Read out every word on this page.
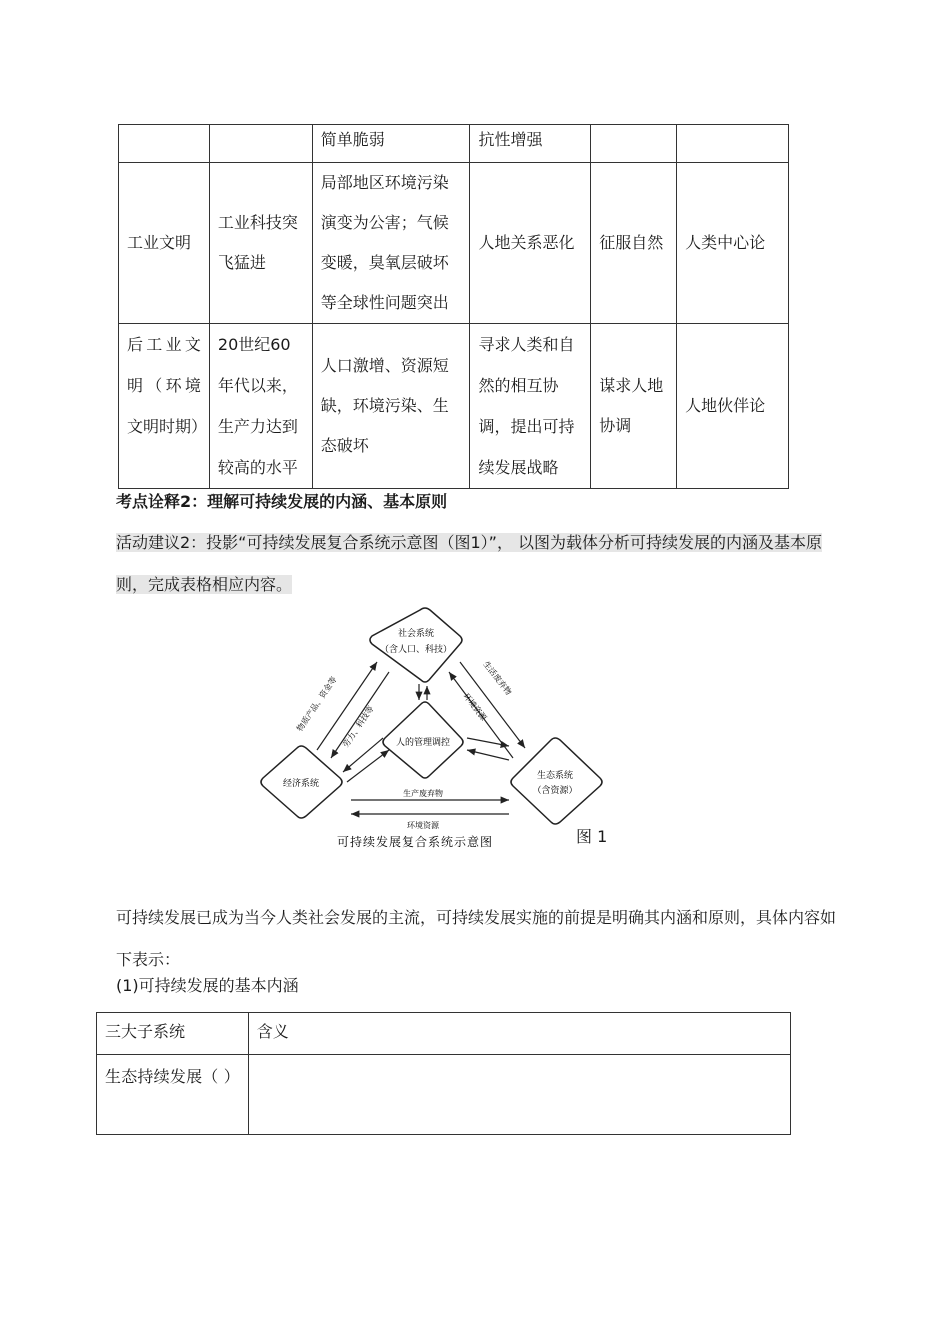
		简单脆弱	抗性增强		
工业文明	工业科技突飞猛进	局部地区环境污染演变为公害；气候变暖，臭氧层破坏等全球性问题突出	人地关系恶化	征服自然	人类中心论
后工业文明（环境文明时期）	20世纪60年代以来，生产力达到较高的水平	人口激增、资源短缺，环境污染、生态破坏	寻求人类和自然的相互协调，提出可持续发展战略	谋求人地协调	人地伙伴论
考点诠释2：理解可持续发展的内涵、基本原则
活动建议2：投影“可持续发展复合系统示意图（图1）”， 以图为载体分析可持续发展的内涵及基本原则，完成表格相应内容。
社会系统
（含人口、科技）
经济系统
生态系统
（含资源）
人的管理调控
物质产品、资金等 劳力、科技等
生活废弃物
环境资源
生产废弃物
环境资源
可持续发展复合系统示意图	图 1
可持续发展已成为当今人类社会发展的主流，可持续发展实施的前提是明确其内涵和原则，具体内容如下表示：
(1)可持续发展的基本内涵
三大子系统	含义
生态持续发展（ ）	
